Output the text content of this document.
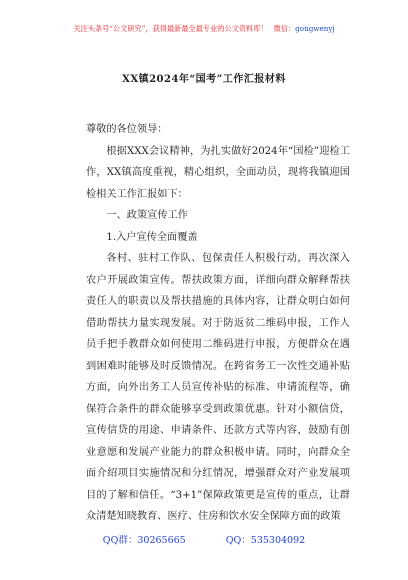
关注头条号“公文研究”，获得最新最全最专业的公文资料库！ 微信：gongwenyj
XX镇2024年“国考”工作汇报材料

尊敬的各位领导：

根据XXX会议精神，为扎实做好2024年“国检”迎检工作，XX镇高度重视，精心组织，全面动员，现将我镇迎国检相关工作汇报如下：

一、政策宣传工作

1.入户宣传全面覆盖

各村、驻村工作队、包保责任人积极行动，再次深入农户开展政策宣传。帮扶政策方面，详细向群众解释帮扶责任人的职责以及帮扶措施的具体内容，让群众明白如何借助帮扶力量实现发展。对于防返贫二维码申报，工作人员手把手教群众如何使用二维码进行申报，方便群众在遇到困难时能够及时反馈情况。在跨省务工一次性交通补贴方面，向外出务工人员宣传补贴的标准、申请流程等，确保符合条件的群众能够享受到政策优惠。针对小额信贷，宣传信贷的用途、申请条件、还款方式等内容，鼓励有创业意愿和发展产业能力的群众积极申请。同时，向群众全面介绍项目实施情况和分红情况，增强群众对产业发展项目的了解和信任。“3+1”保障政策更是宣传的重点，让群众清楚知晓教育、医疗、住房和饮水安全保障方面的政策

QQ群：30265665	QQ：535304092
